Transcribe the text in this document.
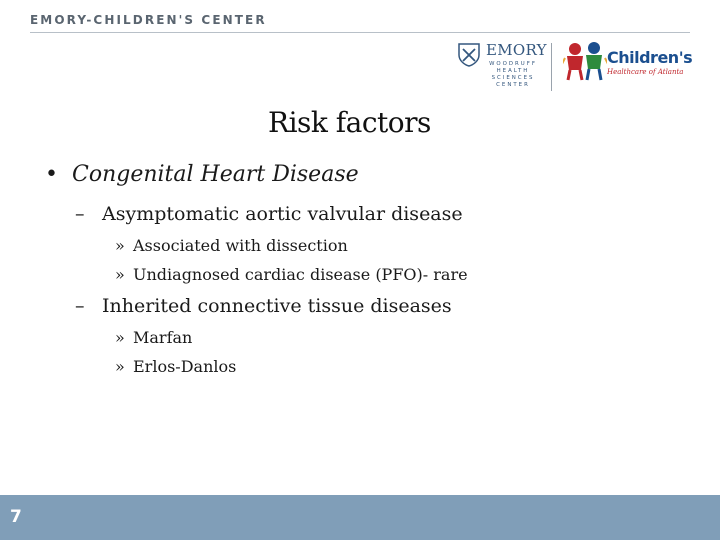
EMORY-CHILDREN'S CENTER
EMORY
WOODRUFF
HEALTH
SCIENCES
CENTER
Children's
Healthcare of Atlanta
Risk factors
• Congenital Heart Disease
– Asymptomatic aortic valvular disease
» Associated with dissection
» Undiagnosed cardiac disease (PFO)- rare
– Inherited connective tissue diseases
» Marfan
» Erlos-Danlos
7
